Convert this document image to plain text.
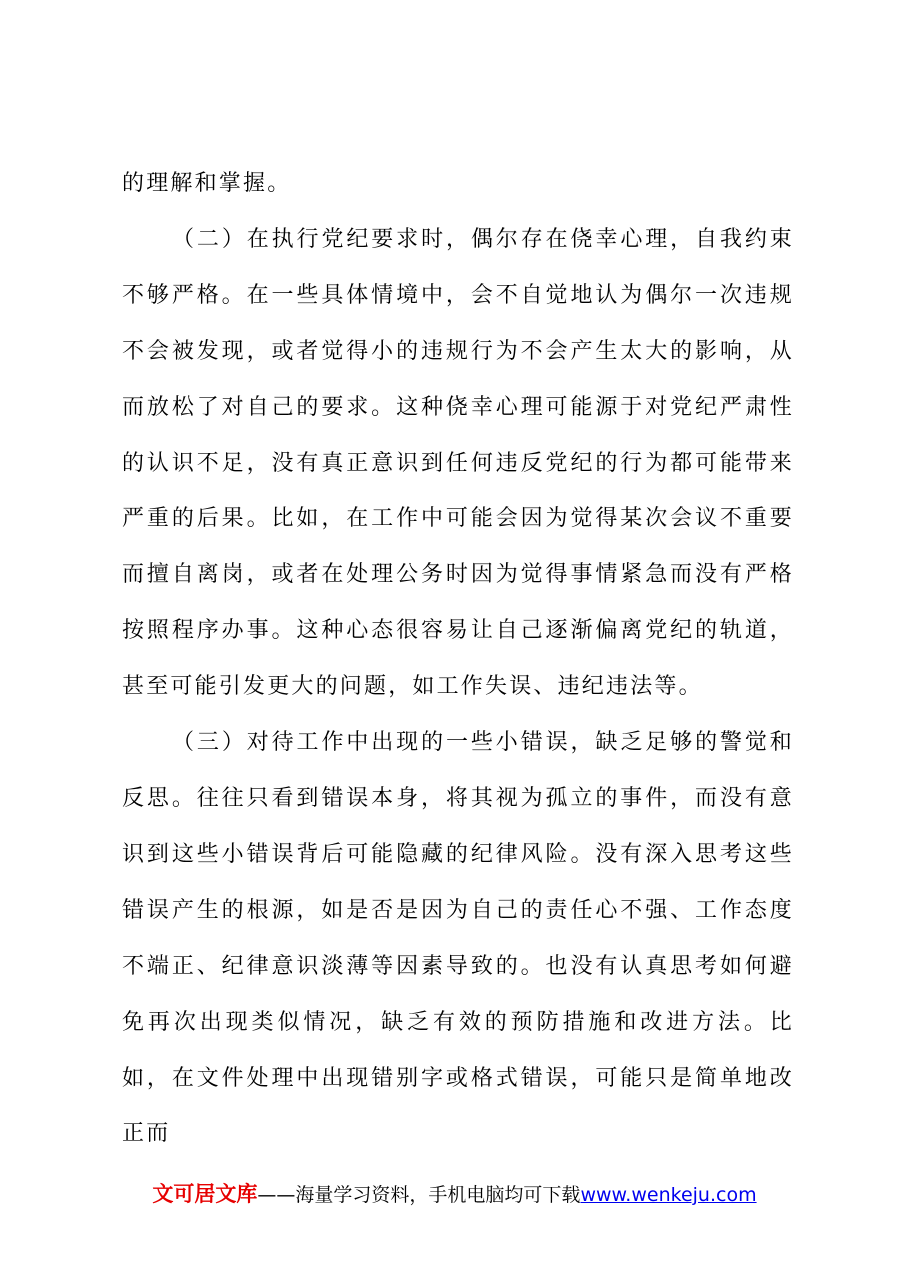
的理解和掌握。

（二）在执行党纪要求时，偶尔存在侥幸心理，自我约束不够严格。在一些具体情境中，会不自觉地认为偶尔一次违规不会被发现，或者觉得小的违规行为不会产生太大的影响，从而放松了对自己的要求。这种侥幸心理可能源于对党纪严肃性的认识不足，没有真正意识到任何违反党纪的行为都可能带来严重的后果。比如，在工作中可能会因为觉得某次会议不重要而擅自离岗，或者在处理公务时因为觉得事情紧急而没有严格按照程序办事。这种心态很容易让自己逐渐偏离党纪的轨道，甚至可能引发更大的问题，如工作失误、违纪违法等。

（三）对待工作中出现的一些小错误，缺乏足够的警觉和反思。往往只看到错误本身，将其视为孤立的事件，而没有意识到这些小错误背后可能隐藏的纪律风险。没有深入思考这些错误产生的根源，如是否是因为自己的责任心不强、工作态度不端正、纪律意识淡薄等因素导致的。也没有认真思考如何避免再次出现类似情况，缺乏有效的预防措施和改进方法。比如，在文件处理中出现错别字或格式错误，可能只是简单地改正而

文可居文库——海量学习资料，手机电脑均可下载www.wenkeju.com
